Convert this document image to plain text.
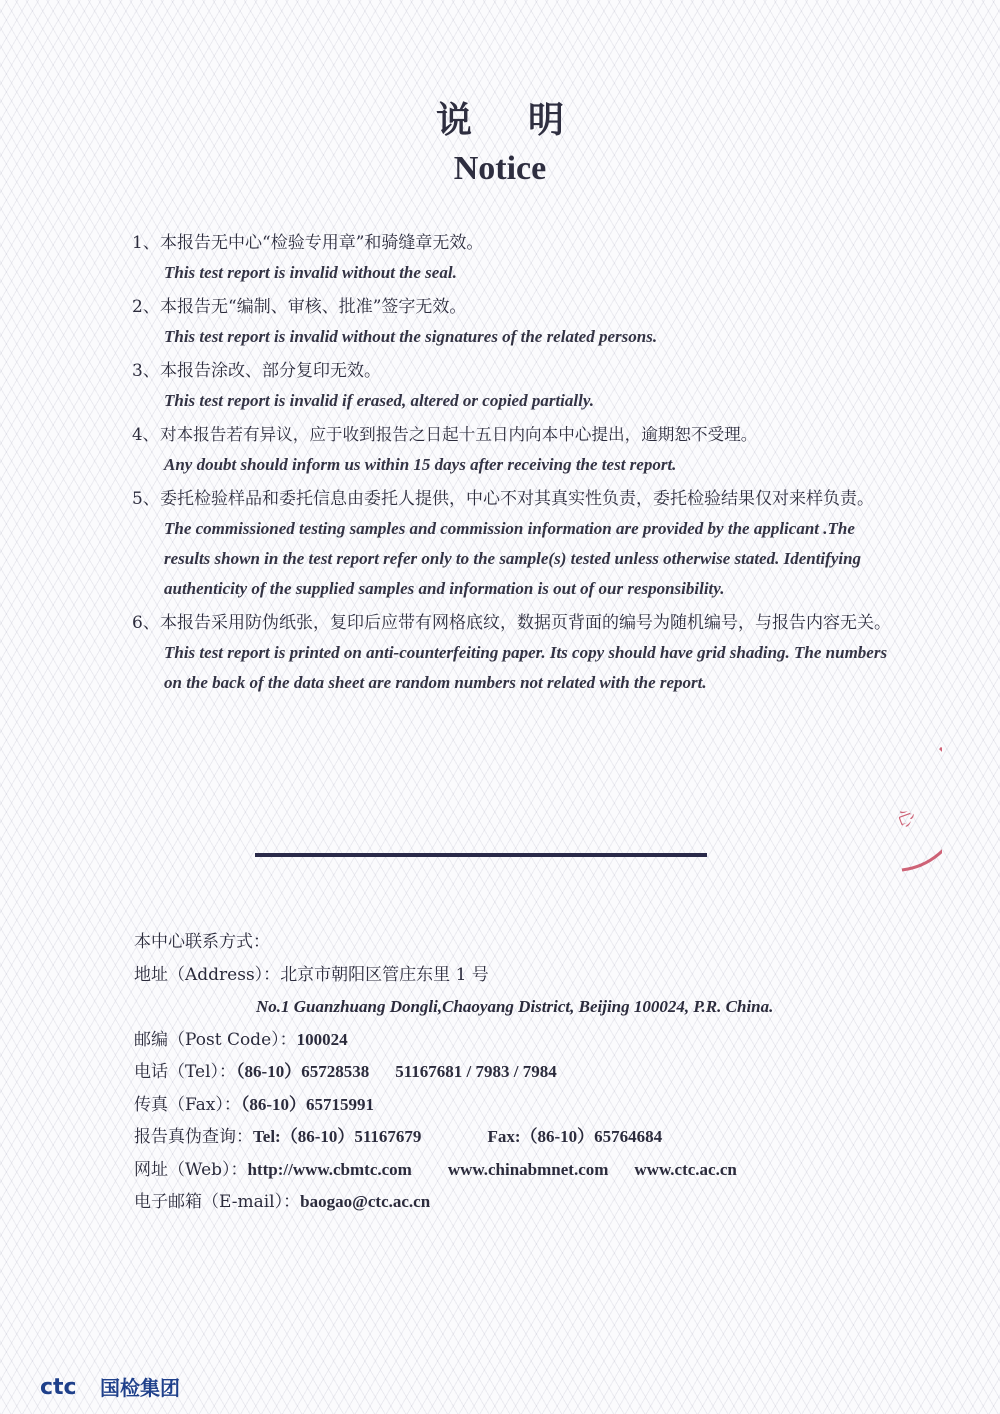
说明
Notice
1、本报告无中心“检验专用章”和骑缝章无效。
This test report is invalid without the seal.
2、本报告无“编制、审核、批准”签字无效。
This test report is invalid without the signatures of the related persons.
3、本报告涂改、部分复印无效。
This test report is invalid if erased, altered or copied partially.
4、对本报告若有异议，应于收到报告之日起十五日内向本中心提出，逾期恕不受理。
Any doubt should inform us within 15 days after receiving the test report.
5、 委托检验样品和委托信息由委托人提供，中心不对其真实性负责，委托检验结果仅对来样负责。
The commissioned testing samples and commission information are provided by the applicant .The results shown in the test report refer only to the sample(s) tested unless otherwise stated. Identifying authenticity of the supplied samples and information is out of our responsibility.
6、 本报告采用防伪纸张，复印后应带有网格底纹，数据页背面的编号为随机编号，与报告内容无关。
This test report is printed on anti-counterfeiting paper. Its copy should have grid shading. The numbers on the back of the data sheet are random numbers not related with the report.
心
本中心联系方式：
地址（Address）：北京市朝阳区管庄东里 1 号
No.1 Guanzhuang Dongli,Chaoyang District, Beijing 100024, P.R. China.
邮编（Post Code）：100024
电话（Tel）：（86-10）65728538 51167681 / 7983 / 7984
传真（Fax）：（86-10）65715991
报告真伪查询：Tel:（86-10）51167679	Fax:（86-10）65764684
网址（Web）：http://www.cbmtc.com www.chinabmnet.com www.ctc.ac.cn
电子邮箱（E-mail）：baogao@ctc.ac.cn
ctc 国检集团
